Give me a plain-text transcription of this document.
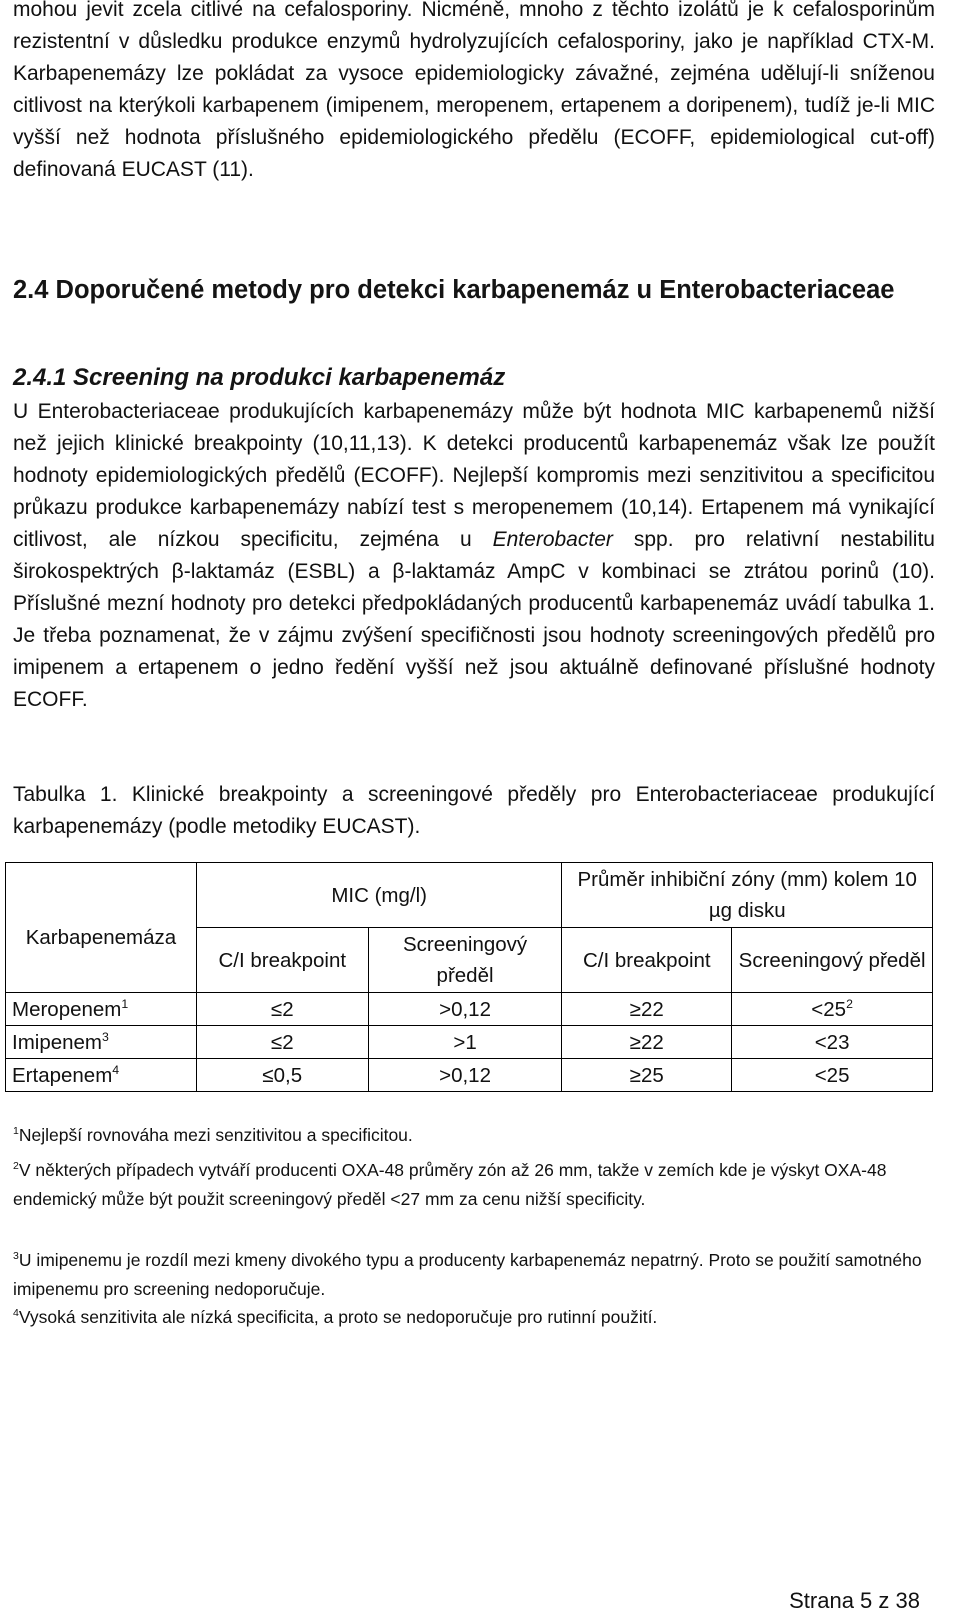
mohou jevit zcela citlivé na cefalosporiny. Nicméně, mnoho z těchto izolátů je k cefalosporinům rezistentní v důsledku produkce enzymů hydrolyzujících cefalosporiny, jako je například CTX-M. Karbapenemázy lze pokládat za vysoce epidemiologicky závažné, zejména udělují-li sníženou citlivost na kterýkoli karbapenem (imipenem, meropenem, ertapenem a doripenem), tudíž je-li MIC vyšší než hodnota příslušného epidemiologického předělu (ECOFF, epidemiological cut-off) definovaná EUCAST (11).

2.4 Doporučené metody pro detekci karbapenemáz u Enterobacteriaceae
2.4.1 Screening na produkci karbapenemáz

U Enterobacteriaceae produkujících karbapenemázy může být hodnota MIC karbapenemů nižší než jejich klinické breakpointy (10,11,13). K detekci producentů karbapenemáz však lze použít hodnoty epidemiologických předělů (ECOFF). Nejlepší kompromis mezi senzitivitou a specificitou průkazu produkce karbapenemázy nabízí test s meropenemem (10,14). Ertapenem má vynikající citlivost, ale nízkou specificitu, zejména u Enterobacter spp. pro relativní nestabilitu širokospektrých β-laktamáz (ESBL) a β-laktamáz AmpC v kombinaci se ztrátou porinů (10). Příslušné mezní hodnoty pro detekci předpokládaných producentů karbapenemáz uvádí tabulka 1. Je třeba poznamenat, že v zájmu zvýšení specifičnosti jsou hodnoty screeningových předělů pro imipenem a ertapenem o jedno ředění vyšší než jsou aktuálně definované příslušné hodnoty ECOFF.

Tabulka 1. Klinické breakpointy a screeningové předěly pro Enterobacteriaceae produkující karbapenemázy (podle metodiky EUCAST).

Karbapenemáza	MIC (mg/l)		Průměr inhibiční zóny (mm) kolem 10 µg disku	
	C/I breakpoint	Screeningový předěl	C/I breakpoint	Screeningový předěl
Meropenem$^1$	≤2	>0,12	≥22	$<25^2$
Imipenem$^3$	≤2	>1	≥22	<23
Ertapenem$^4$	≤0,5	>0,12	≥25	<25

$^1$Nejlepší rovnováha mezi senzitivitou a specificitou.

$^2$V některých případech vytváří producenti OXA-48 průměry zón až 26 mm, takže v zemích kde je výskyt OXA-48 endemický může být použit screeningový předěl <27 mm za cenu nižší specificity.

$^3$U imipenemu je rozdíl mezi kmeny divokého typu a producenty karbapenemáz nepatrný. Proto se použití samotného imipenemu pro screening nedoporučuje.

$^4$Vysoká senzitivita ale nízká specificita, a proto se nedoporučuje pro rutinní použití.

Strana 5 z 38
